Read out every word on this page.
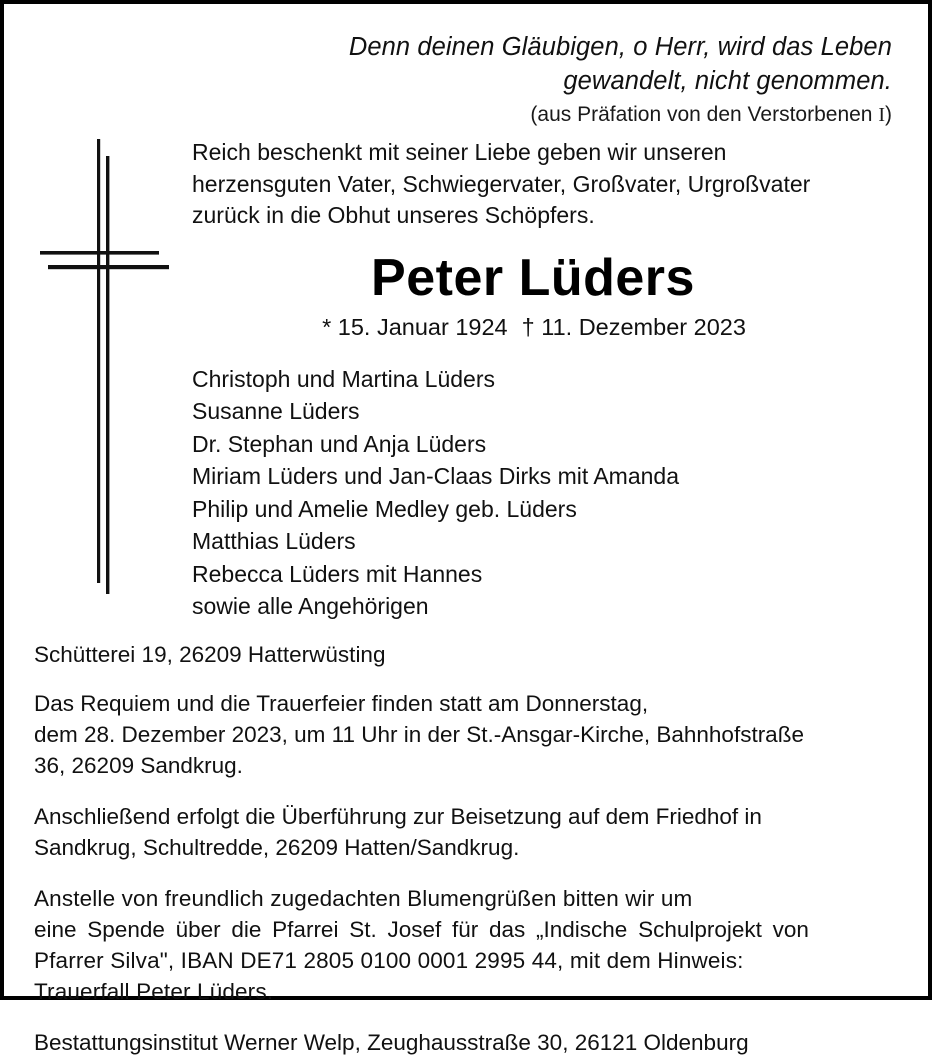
Denn deinen Gläubigen, o Herr, wird das Leben
gewandelt, nicht genommen.
(aus Präfation von den Verstorbenen I)
Reich beschenkt mit seiner Liebe geben wir unseren
herzensguten Vater, Schwiegervater, Großvater, Urgroßvater
zurück in die Obhut unseres Schöpfers.
Peter Lüders
* 15. Januar 1924 † 11. Dezember 2023
Christoph und Martina Lüders
Susanne Lüders
Dr. Stephan und Anja Lüders
Miriam Lüders und Jan-Claas Dirks mit Amanda
Philip und Amelie Medley geb. Lüders
Matthias Lüders
Rebecca Lüders mit Hannes
sowie alle Angehörigen

Schütterei 19, 26209 Hatterwüsting

Das Requiem und die Trauerfeier finden statt am Donnerstag,
dem 28. Dezember 2023, um 11 Uhr in der St.-Ansgar-Kirche, Bahnhofstraße
36, 26209 Sandkrug.

Anschließend erfolgt die Überführung zur Beisetzung auf dem Friedhof in
Sandkrug, Schultredde, 26209 Hatten/Sandkrug.

Anstelle von freundlich zugedachten Blumengrüßen bitten wir um
eine Spende über die Pfarrei St. Josef für das „Indische Schulprojekt von
Pfarrer Silva", IBAN DE71 2805 0100 0001 2995 44, mit dem Hinweis:
Trauerfall Peter Lüders.

Bestattungsinstitut Werner Welp, Zeughausstraße 30, 26121 Oldenburg
